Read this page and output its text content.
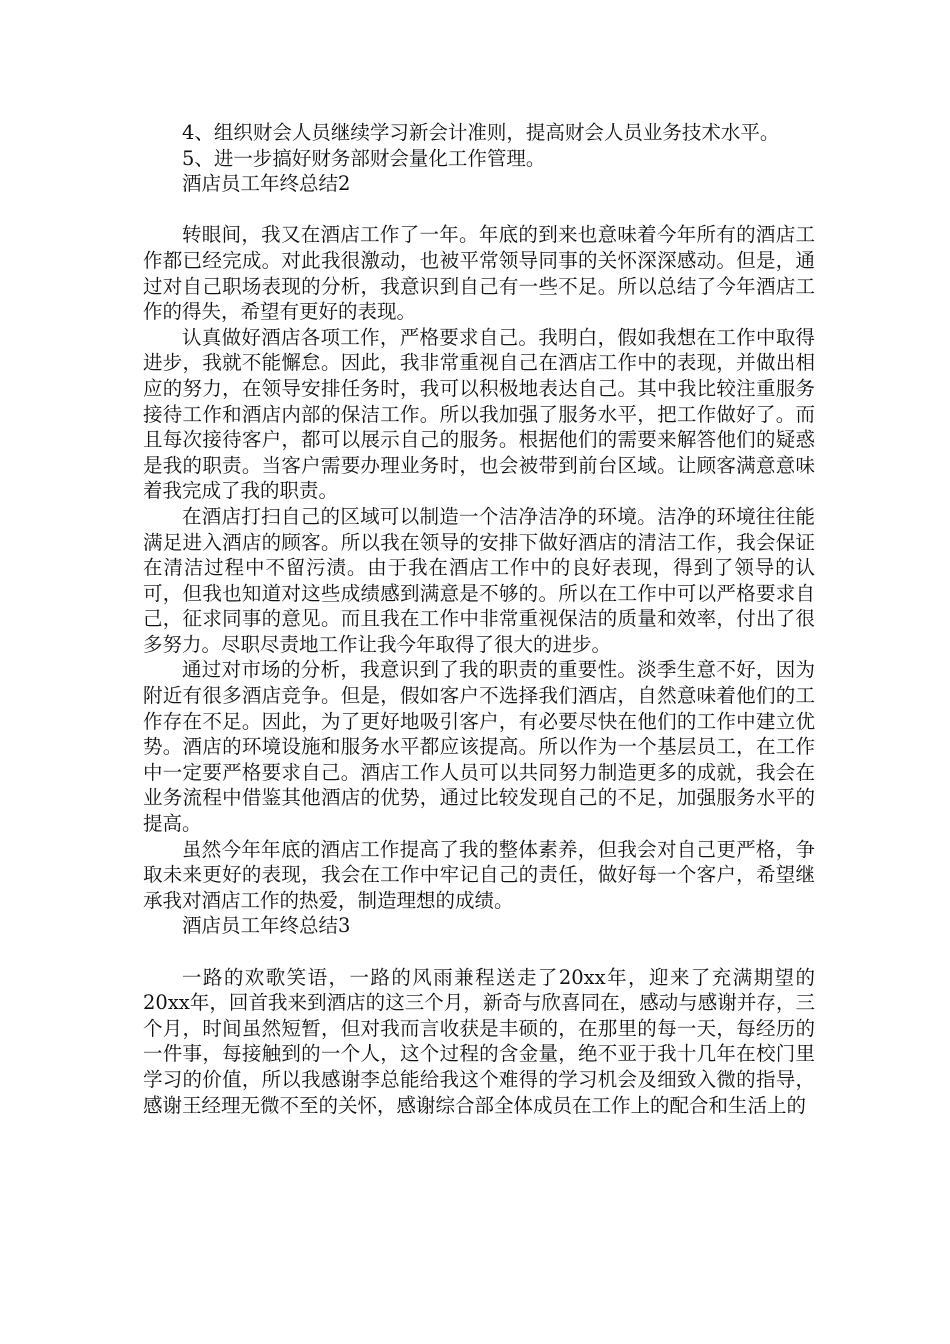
4、组织财会人员继续学习新会计准则，提高财会人员业务技术水平。

5、进一步搞好财务部财会量化工作管理。

酒店员工年终总结2

转眼间，我又在酒店工作了一年。年底的到来也意味着今年所有的酒店工作都已经完成。对此我很激动，也被平常领导同事的关怀深深感动。但是，通过对自己职场表现的分析，我意识到自己有一些不足。所以总结了今年酒店工作的得失，希望有更好的表现。

认真做好酒店各项工作，严格要求自己。我明白，假如我想在工作中取得进步，我就不能懈怠。因此，我非常重视自己在酒店工作中的表现，并做出相应的努力，在领导安排任务时，我可以积极地表达自己。其中我比较注重服务接待工作和酒店内部的保洁工作。所以我加强了服务水平，把工作做好了。而且每次接待客户，都可以展示自己的服务。根据他们的需要来解答他们的疑惑是我的职责。当客户需要办理业务时，也会被带到前台区域。让顾客满意意味着我完成了我的职责。

在酒店打扫自己的区域可以制造一个洁净洁净的环境。洁净的环境往往能满足进入酒店的顾客。所以我在领导的安排下做好酒店的清洁工作，我会保证在清洁过程中不留污渍。由于我在酒店工作中的良好表现，得到了领导的认可，但我也知道对这些成绩感到满意是不够的。所以在工作中可以严格要求自己，征求同事的意见。而且我在工作中非常重视保洁的质量和效率，付出了很多努力。尽职尽责地工作让我今年取得了很大的进步。

通过对市场的分析，我意识到了我的职责的重要性。淡季生意不好，因为附近有很多酒店竞争。但是，假如客户不选择我们酒店，自然意味着他们的工作存在不足。因此，为了更好地吸引客户，有必要尽快在他们的工作中建立优势。酒店的环境设施和服务水平都应该提高。所以作为一个基层员工，在工作中一定要严格要求自己。酒店工作人员可以共同努力制造更多的成就，我会在业务流程中借鉴其他酒店的优势，通过比较发现自己的不足，加强服务水平的提高。

虽然今年年底的酒店工作提高了我的整体素养，但我会对自己更严格，争取未来更好的表现，我会在工作中牢记自己的责任，做好每一个客户，希望继承我对酒店工作的热爱，制造理想的成绩。

酒店员工年终总结3

一路的欢歌笑语，一路的风雨兼程送走了20xx年，迎来了充满期望的20xx年，回首我来到酒店的这三个月，新奇与欣喜同在，感动与感谢并存，三个月，时间虽然短暂，但对我而言收获是丰硕的，在那里的每一天，每经历的一件事，每接触到的一个人，这个过程的含金量，绝不亚于我十几年在校门里学习的价值，所以我感谢李总能给我这个难得的学习机会及细致入微的指导，感谢王经理无微不至的关怀，感谢综合部全体成员在工作上的配合和生活上的
